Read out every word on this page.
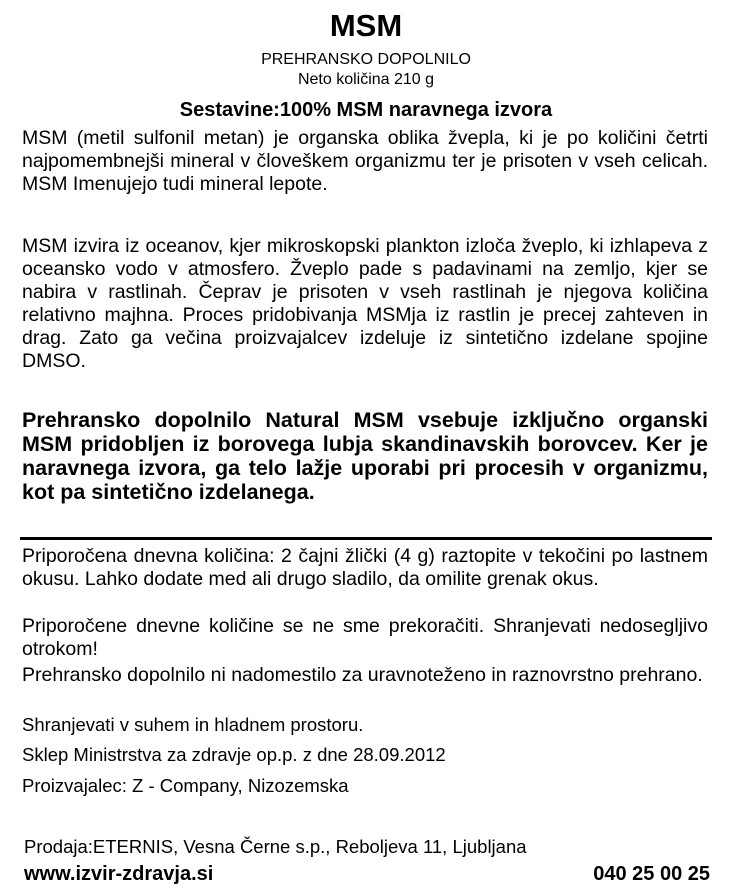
MSM
PREHRANSKO DOPOLNILO
Neto količina 210 g
Sestavine:100% MSM naravnega izvora
MSM (metil sulfonil metan) je organska oblika žvepla, ki je po količini četrti najpomembnejši mineral v človeškem organizmu ter je prisoten v vseh celicah. MSM Imenujejo tudi mineral lepote.
MSM izvira iz oceanov, kjer mikroskopski plankton izloča žveplo, ki izhlapeva z oceansko vodo v atmosfero. Žveplo pade s padavinami na zemljo, kjer se nabira v rastlinah. Čeprav je prisoten v vseh rastlinah je njegova količina relativno majhna. Proces pridobivanja MSMja iz rastlin je precej zahteven in drag. Zato ga večina proizvajalcev izdeluje iz sintetično izdelane spojine DMSO.
Prehransko dopolnilo Natural MSM vsebuje izključno organski MSM pridobljen iz borovega lubja skandinavskih borovcev. Ker je naravnega izvora, ga telo lažje uporabi pri procesih v organizmu, kot pa sintetično izdelanega.
Priporočena dnevna količina: 2 čajni žlički (4 g) raztopite v tekočini po lastnem okusu. Lahko dodate med ali drugo sladilo, da omilite grenak okus.
Priporočene dnevne količine se ne sme prekoračiti. Shranjevati nedosegljivo otrokom!
Prehransko dopolnilo ni nadomestilo za uravnoteženo in raznovrstno prehrano.
Shranjevati v suhem in hladnem prostoru.
Sklep Ministrstva za zdravje op.p. z dne 28.09.2012
Proizvajalec: Z - Company, Nizozemska
Prodaja:ETERNIS, Vesna Černe s.p., Reboljeva 11, Ljubljana
www.izvir-zdravja.si	040 25 00 25
